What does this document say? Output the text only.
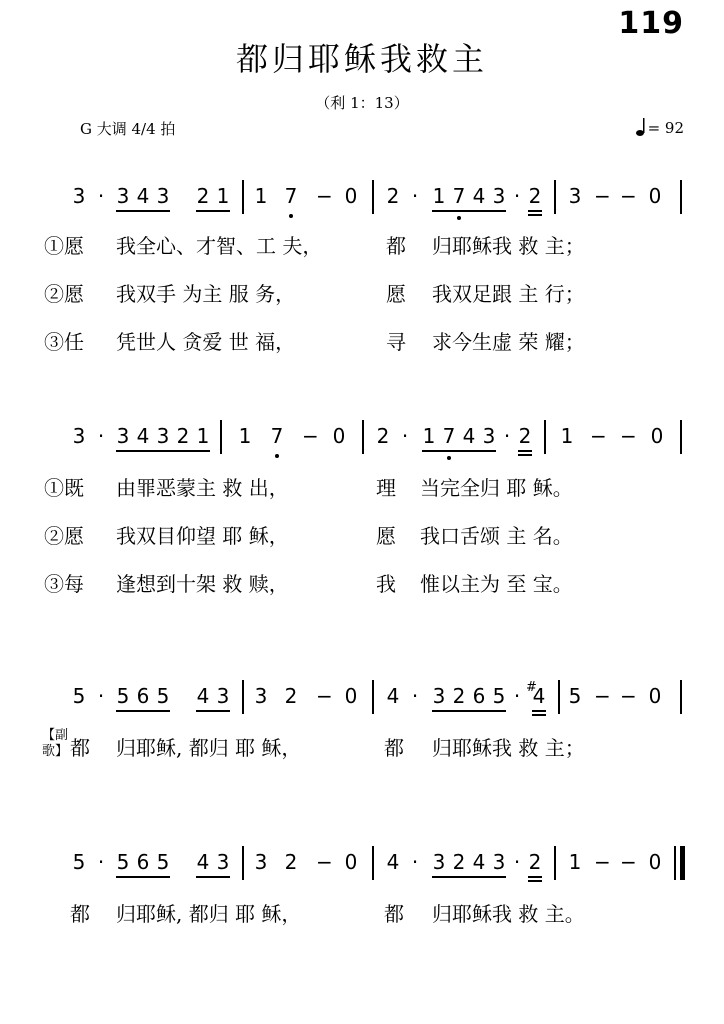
119
都归耶稣我救主
（利 1：13）
G 大调 4/4 拍	= 92
3 · 3 4 3 2 1 1 7 − 0 2 · 1 7 4 3 · 2 3 − − 0
①愿 我全心、才智、工 夫，	都 归耶稣我 救 主；
②愿 我双手 为主 服 务，	愿 我双足跟 主 行；
③任 凭世人 贪爱 世 福，	寻 求今生虚 荣 耀；
3 · 3 4 3 2 1 1 7 − 0 2 · 1 7 4 3 · 2 1 − − 0
①既 由罪恶蒙主 救 出，	理 当完全归 耶 稣。
②愿 我双目仰望 耶 稣，	愿 我口舌颂 主 名。
③每 逢想到十架 救 赎，	我 惟以主为 至 宝。
5 · 5 6 5 4 3 3 2 − 0 4 · 3 2 6 5 · #
4 5 − − 0
【副歌】 都 归耶稣, 都归 耶 稣，	都 归耶稣我 救 主；
5 · 5 6 5 4 3 3 2 − 0 4 · 3 2 4 3 · 2 1 − − 0
都 归耶稣, 都归 耶 稣，	都 归耶稣我 救 主。
